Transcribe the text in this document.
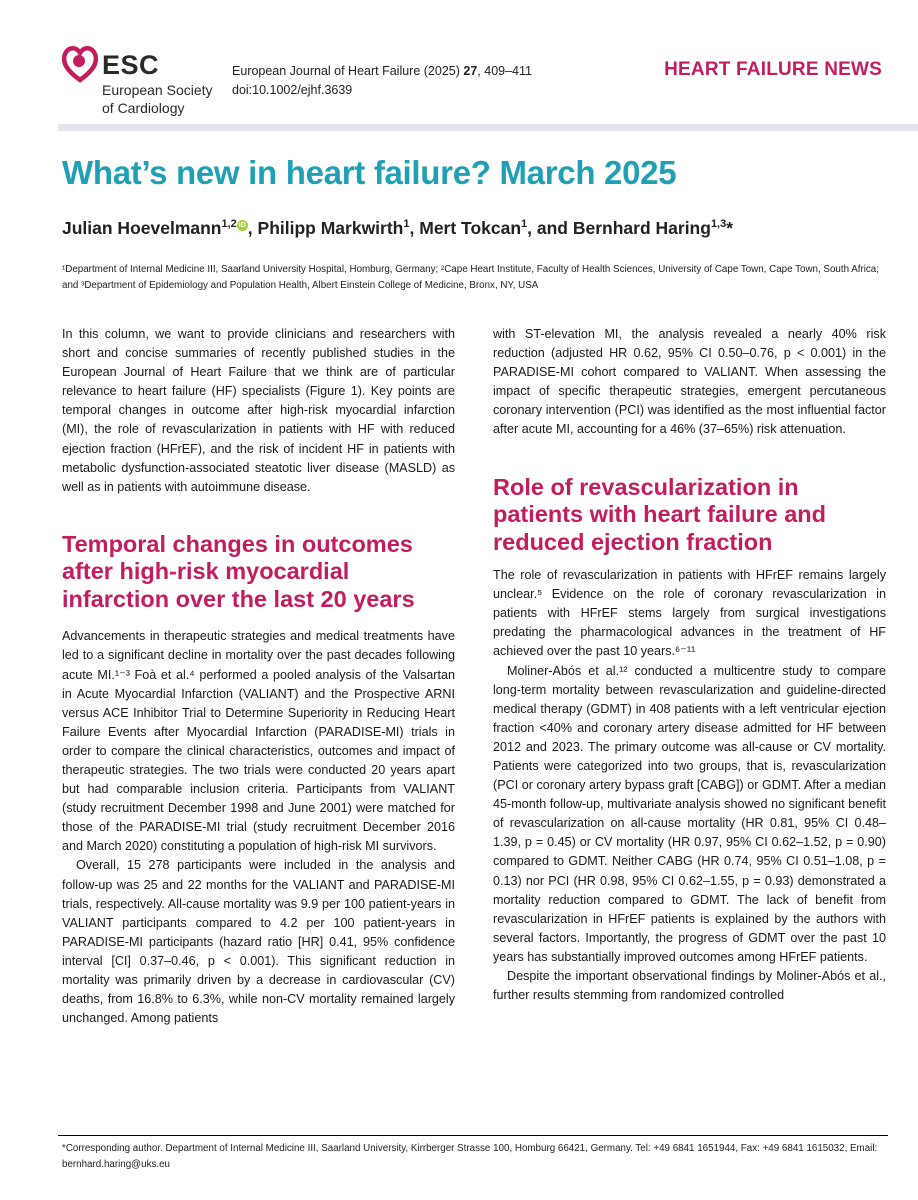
ESC
European Society
of Cardiology
European Journal of Heart Failure (2025) 27, 409–411
doi:10.1002/ejhf.3639
HEART FAILURE NEWS
What’s new in heart failure? March 2025
Julian Hoevelmann$^{1,2}$ iD , Philipp Markwirth$^1$, Mert Tokcan$^1$, and Bernhard Haring$^{1,3}$*
¹Department of Internal Medicine III, Saarland University Hospital, Homburg, Germany; ²Cape Heart Institute, Faculty of Health Sciences, University of Cape Town, Cape Town, South Africa; and ³Department of Epidemiology and Population Health, Albert Einstein College of Medicine, Bronx, NY, USA

In this column, we want to provide clinicians and researchers with short and concise summaries of recently published studies in the European Journal of Heart Failure that we think are of particular relevance to heart failure (HF) specialists (Figure 1). Key points are temporal changes in outcome after high-risk myocardial infarction (MI), the role of revascularization in patients with HF with reduced ejection fraction (HFrEF), and the risk of incident HF in patients with metabolic dysfunction-associated steatotic liver disease (MASLD) as well as in patients with autoimmune disease.

Temporal changes in outcomes after high-risk myocardial infarction over the last 20 years

Advancements in therapeutic strategies and medical treatments have led to a significant decline in mortality over the past decades following acute MI.¹⁻³ Foà et al.⁴ performed a pooled analysis of the Valsartan in Acute Myocardial Infarction (VALIANT) and the Prospective ARNI versus ACE Inhibitor Trial to Determine Superiority in Reducing Heart Failure Events after Myocardial Infarction (PARADISE-MI) trials in order to compare the clinical characteristics, outcomes and impact of therapeutic strategies. The two trials were conducted 20 years apart but had comparable inclusion criteria. Participants from VALIANT (study recruitment December 1998 and June 2001) were matched for those of the PARADISE-MI trial (study recruitment December 2016 and March 2020) constituting a population of high-risk MI survivors.

Overall, 15 278 participants were included in the analysis and follow-up was 25 and 22 months for the VALIANT and PARADISE-MI trials, respectively. All-cause mortality was 9.9 per 100 patient-years in VALIANT participants compared to 4.2 per 100 patient-years in PARADISE-MI participants (hazard ratio [HR] 0.41, 95% confidence interval [CI] 0.37–0.46, p < 0.001). This significant reduction in mortality was primarily driven by a decrease in cardiovascular (CV) deaths, from 16.8% to 6.3%, while non-CV mortality remained largely unchanged. Among patients

with ST-elevation MI, the analysis revealed a nearly 40% risk reduction (adjusted HR 0.62, 95% CI 0.50–0.76, p < 0.001) in the PARADISE-MI cohort compared to VALIANT. When assessing the impact of specific therapeutic strategies, emergent percutaneous coronary intervention (PCI) was identified as the most influential factor after acute MI, accounting for a 46% (37–65%) risk attenuation.

Role of revascularization in patients with heart failure and reduced ejection fraction

The role of revascularization in patients with HFrEF remains largely unclear.⁵ Evidence on the role of coronary revascularization in patients with HFrEF stems largely from surgical investigations predating the pharmacological advances in the treatment of HF achieved over the past 10 years.⁶⁻¹¹

Moliner-Abós et al.¹² conducted a multicentre study to compare long-term mortality between revascularization and guideline-directed medical therapy (GDMT) in 408 patients with a left ventricular ejection fraction <40% and coronary artery disease admitted for HF between 2012 and 2023. The primary outcome was all-cause or CV mortality. Patients were categorized into two groups, that is, revascularization (PCI or coronary artery bypass graft [CABG]) or GDMT. After a median 45-month follow-up, multivariate analysis showed no significant benefit of revascularization on all-cause mortality (HR 0.81, 95% CI 0.48–1.39, p = 0.45) or CV mortality (HR 0.97, 95% CI 0.62–1.52, p = 0.90) compared to GDMT. Neither CABG (HR 0.74, 95% CI 0.51–1.08, p = 0.13) nor PCI (HR 0.98, 95% CI 0.62–1.55, p = 0.93) demonstrated a mortality reduction compared to GDMT. The lack of benefit from revascularization in HFrEF patients is explained by the authors with several factors. Importantly, the progress of GDMT over the past 10 years has substantially improved outcomes among HFrEF patients.

Despite the important observational findings by Moliner-Abós et al., further results stemming from randomized controlled

*Corresponding author. Department of Internal Medicine III, Saarland University, Kirrberger Strasse 100, Homburg 66421, Germany. Tel: +49 6841 1651944, Fax: +49 6841 1615032, Email: bernhard.haring@uks.eu
